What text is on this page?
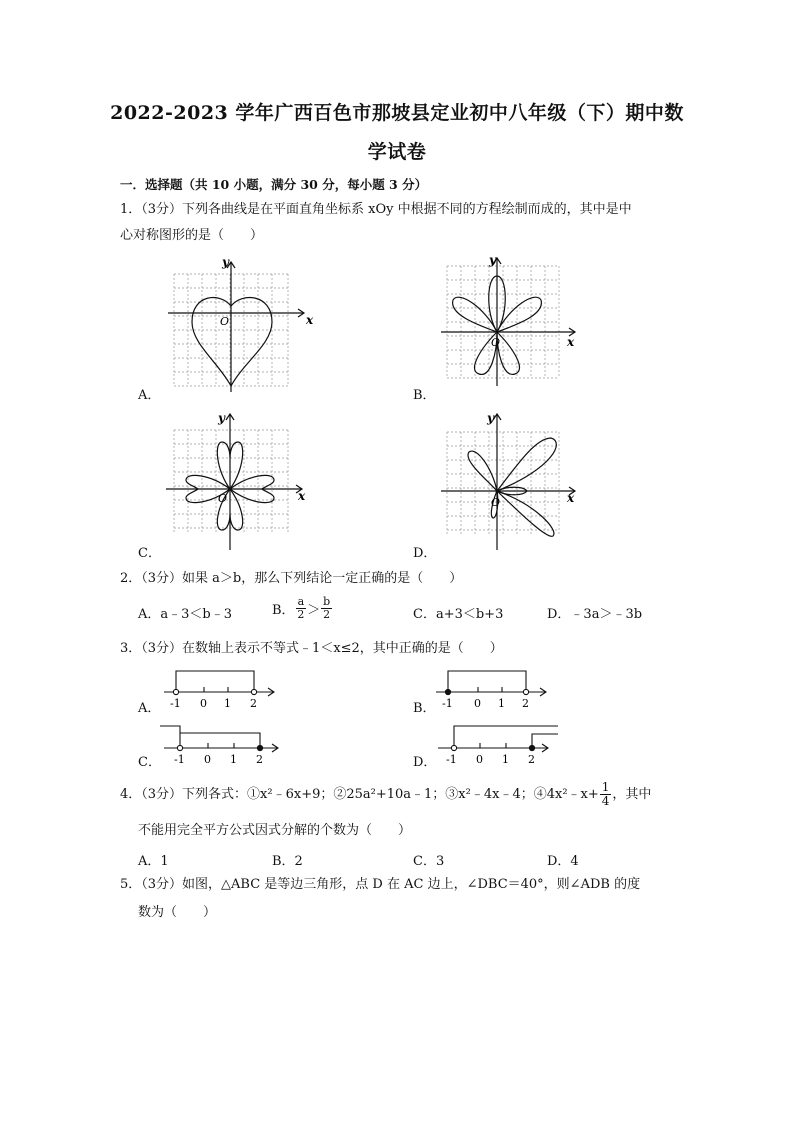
2022-2023 学年广西百色市那坡县定业初中八年级（下）期中数
学试卷
一．选择题（共 10 小题，满分 30 分，每小题 3 分）
1．（3分）下列各曲线是在平面直角坐标系 xOy 中根据不同的方程绘制而成的，其中是中
心对称图形的是（　　）
y
x
O
A．
y
x
O
B．
y
x
O
C．
y
x
O
D．
2．（3分）如果 a＞b，那么下列结论一定正确的是（　　）
A．a﹣3＜b﹣3	B． $\frac{a}{2} > \frac{b}{2}$	C．a+3＜b+3	D．﹣3a＞﹣3b
3．（3分）在数轴上表示不等式﹣1＜x≤2，其中正确的是（　　）
-1 0 1 2
A．	-1 0 1 2
B．
-1 0 1 2
C．	-1 0 1 2
D．
4．（3分）下列各式：①x²﹣6x+9；②25a²+10a﹣1；③x²﹣4x﹣4；④4x²﹣x+ $\frac{1}{4}$ ，其中
不能用完全平方公式因式分解的个数为（　　）
A．1	B．2	C．3	D．4
5．（3分）如图，△ABC 是等边三角形，点 D 在 AC 边上，∠DBC＝40°，则∠ADB 的度
数为（　　）
